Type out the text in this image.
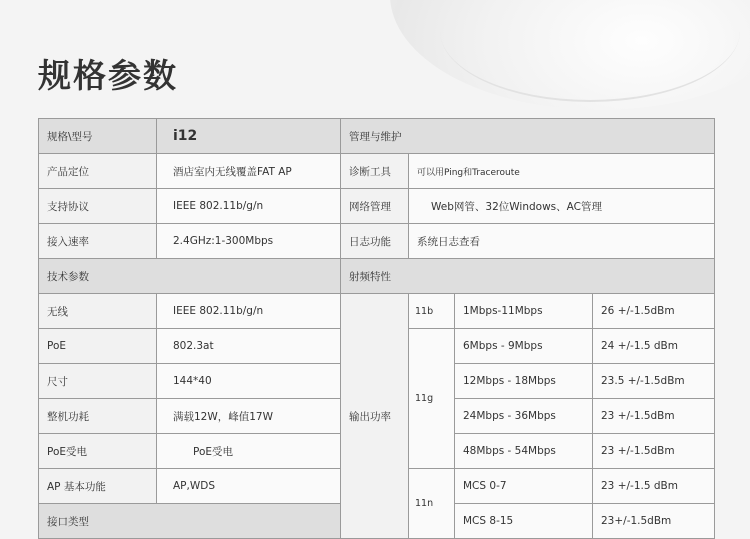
规格参数
规格\型号	i12	管理与维护			
产品定位	酒店室内无线覆盖FAT AP	诊断工具	可以用Ping和Traceroute		
支持协议	IEEE 802.11b/g/n	网络管理	Web网管、32位Windows、AC管理		
接入速率	2.4GHz:1-300Mbps	日志功能	系统日志查看		
技术参数		射频特性			
无线	IEEE 802.11b/g/n	输出功率	11b	1Mbps-11Mbps	26 +/-1.5dBm
PoE	802.3at		11g	6Mbps - 9Mbps	24 +/-1.5 dBm
尺寸	144*40			12Mbps - 18Mbps	23.5 +/-1.5dBm
整机功耗	满载12W，峰值17W			24Mbps - 36Mbps	23 +/-1.5dBm
PoE受电	PoE受电			48Mbps - 54Mbps	23 +/-1.5dBm
AP 基本功能	AP,WDS		11n	MCS 0-7	23 +/-1.5 dBm
接口类型				MCS 8-15	23+/-1.5dBm
